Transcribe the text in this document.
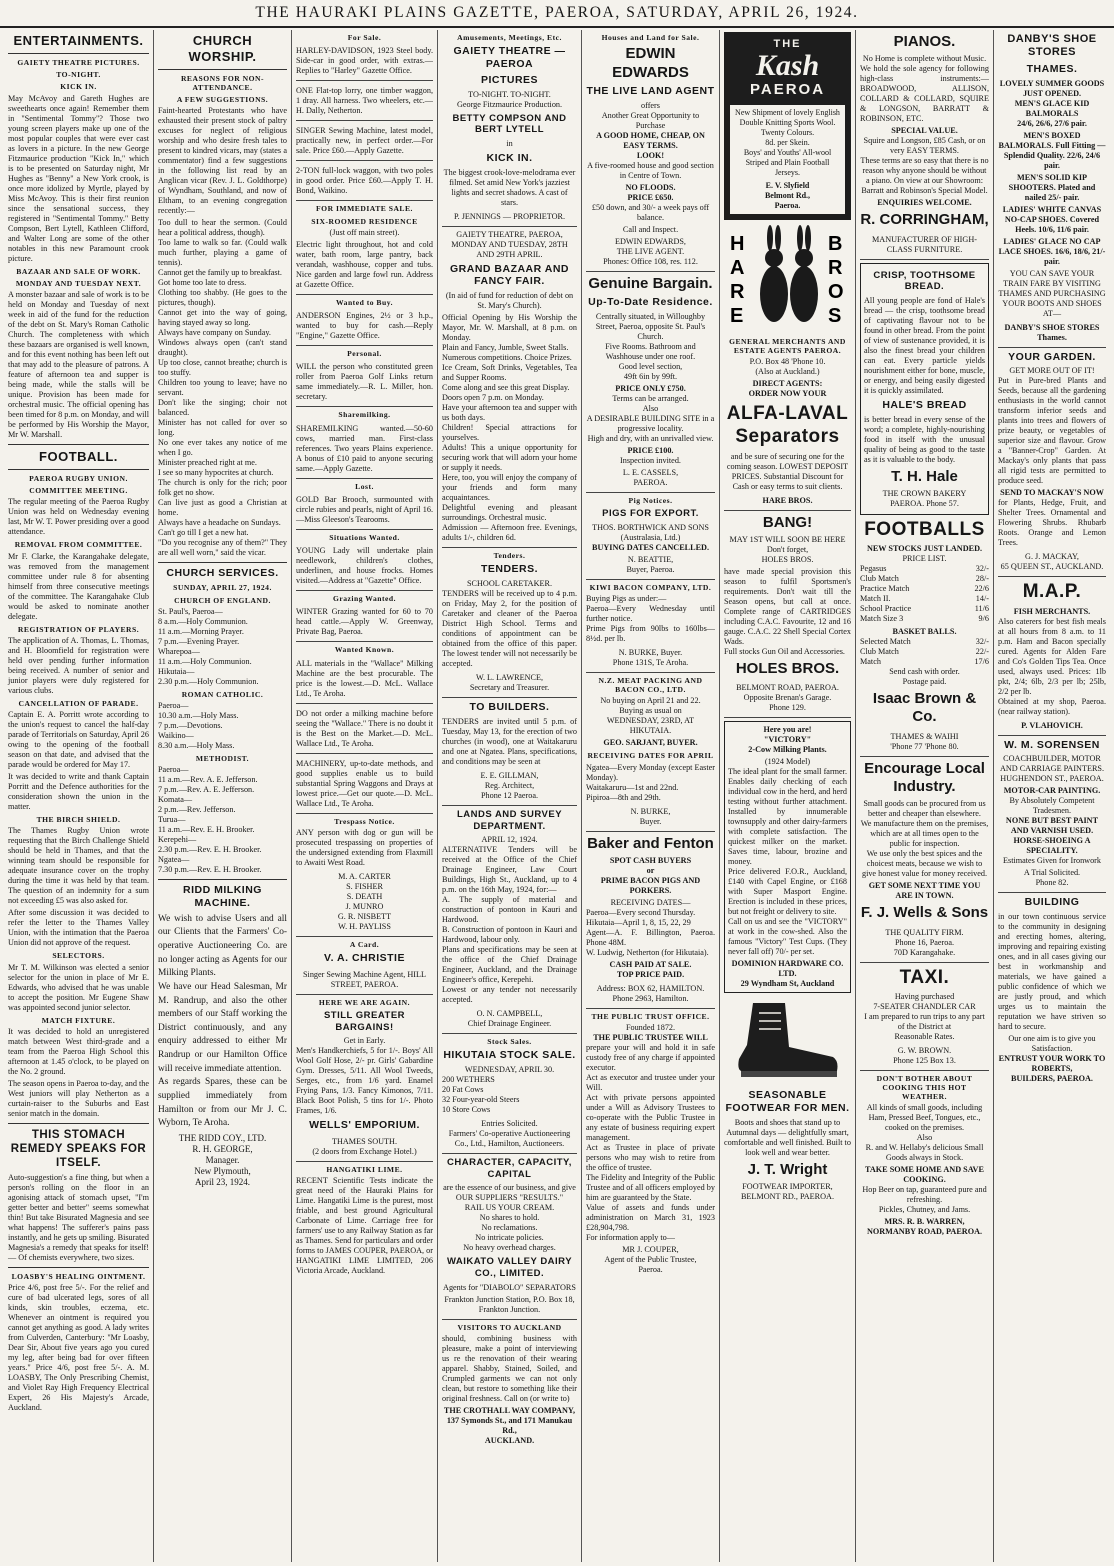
THE HAURAKI PLAINS GAZETTE, PAEROA, SATURDAY, APRIL 26, 1924.
ENTERTAINMENTS.
GAIETY THEATRE PICTURES.
TO-NIGHT.
KICK IN.

May McAvoy and Gareth Hughes are sweethearts once again! Remember them in "Sentimental Tommy"? Those two young screen players make up one of the most popular couples that were ever cast as lovers in a picture. In the new George Fitzmaurice production "Kick In," which is to be presented on Saturday night, Mr Hughes as "Benny" a New York crook, is once more idolized by Myrtle, played by Miss McAvoy. This is their first reunion since the sensational success, they registered in "Sentimental Tommy." Betty Compson, Bert Lytell, Kathleen Clifford, and Walter Long are some of the other notables in this new Paramount crook picture.

BAZAAR AND SALE OF WORK.
MONDAY AND TUESDAY NEXT.

A monster bazaar and sale of work is to be held on Monday and Tuesday of next week in aid of the fund for the reduction of the debt on St. Mary's Roman Catholic Church. The completeness with which these bazaars are organised is well known, and for this event nothing has been left out that may add to the pleasure of patrons. A feature of afternoon tea and supper is being made, while the stalls will be unique. Provision has been made for orchestral music. The official opening has been timed for 8 p.m. on Monday, and will be performed by His Worship the Mayor, Mr W. Marshall.

FOOTBALL.
PAEROA RUGBY UNION.
COMMITTEE MEETING.

The regular meeting of the Paeroa Rugby Union was held on Wednesday evening last, Mr W. T. Power presiding over a good attendance.

REMOVAL FROM COMMITTEE.

Mr F. Clarke, the Karangahake delegate, was removed from the management committee under rule 8 for absenting himself from three consecutive meetings of the committee. The Karangahake Club would be asked to nominate another delegate.

REGISTRATION OF PLAYERS.

The application of A. Thomas, L. Thomas, and H. Bloomfield for registration were held over pending further information being received. A number of senior and junior players were duly registered for various clubs.

CANCELLATION OF PARADE.

Captain E. A. Porritt wrote according to the union's request to cancel the half-day parade of Territorials on Saturday, April 26 owing to the opening of the football season on that date, and advised that the parade would be ordered for May 17.

It was decided to write and thank Captain Porritt and the Defence authorities for the consideration shown the union in the matter.

THE BIRCH SHIELD.

The Thames Rugby Union wrote requesting that the Birch Challenge Shield should be held in Thames, and that the winning team should be responsible for adequate insurance cover on the trophy during the time it was held by that team. The question of an indemnity for a sum not exceeding £5 was also asked for.

After some discussion it was decided to refer the letter to the Thames Valley Union, with the intimation that the Paeroa Union did not approve of the request.

SELECTORS.

Mr T. M. Wilkinson was elected a senior selector for the union in place of Mr E. Edwards, who advised that he was unable to accept the position. Mr Eugene Shaw was appointed second junior selector.

MATCH FIXTURE.

It was decided to hold an unregistered match between West third-grade and a team from the Paeroa High School this afternoon at 1.45 o'clock, to be played on the No. 2 ground.

The season opens in Paeroa to-day, and the West juniors will play Netherton as a curtain-raiser to the Suburbs and East senior match in the domain.

THIS STOMACH REMEDY SPEAKS FOR ITSELF.

Auto-suggestion's a fine thing, but when a person's rolling on the floor in an agonising attack of stomach upset, "I'm getter better and better" seems somewhat thin! But take Bisurated Magnesia and see what happens! The sufferer's pains pass instantly, and he gets up smiling. Bisurated Magnesia's a remedy that speaks for itself! — Of chemists everywhere, two sizes.

LOASBY'S HEALING OINTMENT.

Price 4/6, post free 5/-. For the relief and cure of bad ulcerated legs, sores of all kinds, skin troubles, eczema, etc. Whenever an ointment is required you cannot get anything as good. A lady writes from Culverden, Canterbury: "Mr Loasby, Dear Sir, About five years ago you cured my leg, after being bad for over fifteen years." Price 4/6, post free 5/-. A. M. LOASBY, The Only Prescribing Chemist, and Violet Ray High Frequency Electrical Expert, 26 His Majesty's Arcade, Auckland.

CHURCH WORSHIP.
REASONS FOR NON-ATTENDANCE.
A FEW SUGGESTIONS.

Faint-hearted Protestants who have exhausted their present stock of paltry excuses for neglect of religious worship and who desire fresh tales to present to kindred vicars, may (states a commentator) find a few suggestions in the following list read by an Anglican vicar (Rev. J. L. Goldthorpe) of Wyndham, Southland, and now of Eltham, to an evening congregation recently:—

Too dull to hear the sermon. (Could hear a political address, though).
Too lame to walk so far. (Could walk much further, playing a game of tennis).
Cannot get the family up to breakfast.
Got home too late to dress.
Clothing too shabby. (He goes to the pictures, though).
Cannot get into the way of going, having stayed away so long.
Always have company on Sunday.
Windows always open (can't stand draught).
Up too close, cannot breathe; church is too stuffy.
Children too young to leave; have no servant.
Don't like the singing; choir not balanced.
Minister has not called for over so long.
No one ever takes any notice of me when I go.
Minister preached right at me.
I see so many hypocrites at church.
The church is only for the rich; poor folk get no show.
Can live just as good a Christian at home.
Always have a headache on Sundays.
Can't go till I get a new hat.
"Do you recognise any of them?" They are all well worn," said the vicar.

CHURCH SERVICES.
SUNDAY, APRIL 27, 1924.
CHURCH OF ENGLAND.

St. Paul's, Paeroa—
8 a.m.—Holy Communion.
11 a.m.—Morning Prayer.
7 p.m.—Evening Prayer.
Wharepoa—
11 a.m.—Holy Communion.
Hikutaia—
2.30 p.m.—Holy Communion.

ROMAN CATHOLIC.

Paeroa—
10.30 a.m.—Holy Mass.
7 p.m.—Devotions.
Waikino—
8.30 a.m.—Holy Mass.

METHODIST.

Paeroa—
11 a.m.—Rev. A. E. Jefferson.
7 p.m.—Rev. A. E. Jefferson.
Komata—
2 p.m.—Rev. Jefferson.
Turua—
11 a.m.—Rev. E. H. Brooker.
Kerepehi—
2.30 p.m.—Rev. E. H. Brooker.
Ngatea—
7.30 p.m.—Rev. E. H. Brooker.

RIDD MILKING MACHINE.

We wish to advise Users and all our Clients that the Farmers' Co-operative Auctioneering Co. are no longer acting as Agents for our Milking Plants.
We have our Head Salesman, Mr M. Randrup, and also the other members of our Staff working the District continuously, and any enquiry addressed to either Mr Randrup or our Hamilton Office will receive immediate attention.
As regards Spares, these can be supplied immediately from Hamilton or from our Mr J. C. Wyborn, Te Aroha.

THE RIDD COY., LTD.
R. H. GEORGE,
Manager.
New Plymouth,
April 23, 1924.

For Sale.

HARLEY-DAVIDSON, 1923 Steel body. Side-car in good order, with extras.—Replies to "Harley" Gazette Office.

ONE Flat-top lorry, one timber waggon, 1 dray. All harness. Two wheelers, etc.—H. Dally, Netherton.

SINGER Sewing Machine, latest model, practically new, in perfect order.—For sale. Price £60.—Apply Gazette.

2-TON full-lock waggon, with two poles in good order. Price £60.—Apply T. H. Bond, Waikino.

FOR IMMEDIATE SALE.
SIX-ROOMED RESIDENCE
(Just off main street).

Electric light throughout, hot and cold water, bath room, large pantry, back verandah, washhouse, copper and tubs. Nice garden and large fowl run. Address at Gazette Office.

Wanted to Buy.

ANDERSON Engines, 2½ or 3 h.p., wanted to buy for cash.—Reply "Engine," Gazette Office.

Personal.

WILL the person who constituted green roller from Paeroa Golf Links return same immediately.—R. L. Miller, hon. secretary.

Sharemilking.

SHAREMILKING wanted.—50-60 cows, married man. First-class references. Two years Plains experience. A bonus of £10 paid to anyone securing same.—Apply Gazette.

Lost.

GOLD Bar Brooch, surmounted with circle rubies and pearls, night of April 16.—Miss Gleeson's Tearooms.

Situations Wanted.

YOUNG Lady will undertake plain needlework, children's clothes, underlinen, and house frocks. Homes visited.—Address at "Gazette" Office.

Grazing Wanted.

WINTER Grazing wanted for 60 to 70 head cattle.—Apply W. Greenway, Private Bag, Paeroa.

Wanted Known.

ALL materials in the "Wallace" Milking Machine are the best procurable. The price is the lowest.—D. McL. Wallace Ltd., Te Aroha.

DO not order a milking machine before seeing the "Wallace." There is no doubt it is the Best on the Market.—D. McL. Wallace Ltd., Te Aroha.

MACHINERY, up-to-date methods, and good supplies enable us to build substantial Spring Waggons and Drays at lowest price.—Get our quote.—D. McL. Wallace Ltd., Te Aroha.

Trespass Notice.

ANY person with dog or gun will be prosecuted trespassing on properties of the undersigned extending from Flaxmill to Awaiti West Road.

M. A. CARTER
S. FISHER
S. DEATH
J. MUNRO
G. R. NISBETT
W. H. PAYLISS

A Card.
V. A. CHRISTIE

Singer Sewing Machine Agent, HILL STREET, PAEROA.

HERE WE ARE AGAIN.
STILL GREATER BARGAINS!
Get in Early.

Men's Handkerchiefs, 5 for 1/-. Boys' All Wool Golf Hose, 2/- pr. Girls' Gabardine Gym. Dresses, 5/11. All Wool Tweeds, Serges, etc., from 1/6 yard. Enamel Frying Pans, 1/3. Fancy Kimonos, 7/11. Black Boot Polish, 5 tins for 1/-. Photo Frames, 1/6.

WELLS' EMPORIUM.

THAMES SOUTH.
(2 doors from Exchange Hotel.)

HANGATIKI LIME.

RECENT Scientific Tests indicate the great need of the Hauraki Plains for Lime. Hangatiki Lime is the purest, most friable, and best ground Agricultural Carbonate of Lime. Carriage free for farmers' use to any Railway Station as far as Thames. Send for particulars and order forms to JAMES COUPER, PAEROA, or HANGATIKI LIME LIMITED, 206 Victoria Arcade, Auckland.

Amusements, Meetings, Etc.
GAIETY THEATRE — PAEROA
PICTURES
TO-NIGHT. TO-NIGHT.
George Fitzmaurice Production.
BETTY COMPSON AND BERT LYTELL
in
KICK IN.

The biggest crook-love-melodrama ever filmed. Set amid New York's jazziest lights and secret shadows. A cast of stars.

P. JENNINGS — PROPRIETOR.
GAIETY THEATRE, PAEROA,
MONDAY AND TUESDAY, 28TH AND 29TH APRIL.
GRAND BAZAAR AND FANCY FAIR.
(In aid of fund for reduction of debt on St. Mary's Church).

Official Opening by His Worship the Mayor, Mr. W. Marshall, at 8 p.m. on Monday.
Plain and Fancy, Jumble, Sweet Stalls.
Numerous competitions. Choice Prizes.
Ice Cream, Soft Drinks, Vegetables, Tea and Supper Rooms.
Come along and see this great Display.
Doors open 7 p.m. on Monday.
Have your afternoon tea and supper with us both days.
Children! Special attractions for yourselves.
Adults! This a unique opportunity for securing work that will adorn your home or supply it needs.
Here, too, you will enjoy the company of your friends and form many acquaintances.
Delightful evening and pleasant surroundings. Orchestral music.
Admission — Afternoon free. Evenings, adults 1/-, children 6d.

Tenders.
TENDERS.
SCHOOL CARETAKER.

TENDERS will be received up to 4 p.m. on Friday, May 2, for the position of Caretaker and cleaner of the Paeroa District High School. Terms and conditions of appointment can be obtained from the office of this paper. The lowest tender will not necessarily be accepted.

W. L. LAWRENCE,
Secretary and Treasurer.

TO BUILDERS.

TENDERS are invited until 5 p.m. of Tuesday, May 13, for the erection of two churches (in wood), one at Waitakaruru and one at Ngatea. Plans, specifications, and conditions may be seen at

E. E. GILLMAN,
Reg. Architect,
Phone 12 Paeroa.

LANDS AND SURVEY DEPARTMENT.
APRIL 12, 1924.

ALTERNATIVE Tenders will be received at the Office of the Chief Drainage Engineer, Law Court Buildings, High St., Auckland, up to 4 p.m. on the 16th May, 1924, for:—
A. The supply of material and construction of pontoon in Kauri and Hardwood.
B. Construction of pontoon in Kauri and Hardwood, labour only.
Plans and specifications may be seen at the office of the Chief Drainage Engineer, Auckland, and the Drainage Engineer's office, Kerepehi.
Lowest or any tender not necessarily accepted.

O. N. CAMPBELL,
Chief Drainage Engineer.

Stock Sales.
HIKUTAIA STOCK SALE.
WEDNESDAY, APRIL 30.

200 WETHERS
20 Fat Cows
32 Four-year-old Steers
10 Store Cows

Entries Solicited.
Farmers' Co-operative Auctioneering Co., Ltd., Hamilton, Auctioneers.

CHARACTER, CAPACITY, CAPITAL

are the essence of our business, and give
OUR SUPPLIERS "RESULTS."
RAIL US YOUR CREAM.
No shares to hold.
No reclamations.
No intricate policies.
No heavy overhead charges.

WAIKATO VALLEY DAIRY CO., LIMITED.
Agents for "DIABOLO" SEPARATORS

Frankton Junction Station, P.O. Box 18, Frankton Junction.

VISITORS TO AUCKLAND

should, combining business with pleasure, make a point of interviewing us re the renovation of their wearing apparel. Shabby, Stained, Soiled, and Crumpled garments we can not only clean, but restore to something like their original freshness. Call on (or write to)

THE CROTHALL WAY COMPANY,
137 Symonds St., and 171 Manukau Rd.,
AUCKLAND.

Houses and Land for Sale.
EDWIN EDWARDS
THE LIVE LAND AGENT
offers
Another Great Opportunity to Purchase
A GOOD HOME, CHEAP, ON EASY TERMS.
LOOK!

A five-roomed house and good section in Centre of Town.

NO FLOODS.
PRICE £650.

£50 down, and 30/- a week pays off balance.

Call and Inspect.

EDWIN EDWARDS,
THE LIVE AGENT.
Phones: Office 108, res. 112.

Genuine Bargain.
Up-To-Date Residence.

Centrally situated, in Willoughby Street, Paeroa, opposite St. Paul's Church.
Five Rooms. Bathroom and Washhouse under one roof.
Good level section,
49ft 6in by 99ft.

PRICE ONLY £750.
Terms can be arranged.
Also

A DESIRABLE BUILDING SITE in a progressive locality.
High and dry, with an unrivalled view.

PRICE £100.
Inspection invited.

L. E. CASSELS,
PAEROA.

Pig Notices.
PIGS FOR EXPORT.
THOS. BORTHWICK AND SONS (Australasia, Ltd.)
BUYING DATES CANCELLED.

N. BEATTIE,
Buyer, Paeroa.

KIWI BACON COMPANY, LTD.

Buying Pigs as under:—
Paeroa—Every Wednesday until further notice.
Prime Pigs from 90lbs to 160lbs—8½d. per lb.

N. BURKE, Buyer.
Phone 131S, Te Aroha.

N.Z. MEAT PACKING AND BACON CO., LTD.

No buying on April 21 and 22.
Buying as usual on
WEDNESDAY, 23RD, AT HIKUTAIA.

GEO. SARJANT, BUYER.
RECEIVING DATES FOR APRIL

Ngatea—Every Monday (except Easter Monday).
Waitakaruru—1st and 22nd.
Pipiroa—8th and 29th.

N. BURKE,
Buyer.

Baker and Fenton

SPOT CASH BUYERS
or
PRIME BACON PIGS AND PORKERS.

RECEIVING DATES—

Paeroa—Every second Thursday.
Hikutaia—April 1, 8, 15, 22, 29
Agent—A. F. Billington, Paeroa. Phone 48M.
W. Ludwig, Netherton (for Hikutaia).

CASH PAID AT SALE.
TOP PRICE PAID.

Address: BOX 62, HAMILTON.
Phone 2963, Hamilton.

THE PUBLIC TRUST OFFICE.
Founded 1872.
THE PUBLIC TRUSTEE WILL

prepare your will and hold it in safe custody free of any charge if appointed executor.
Act as executor and trustee under your Will.
Act with private persons appointed under a Will as Advisory Trustees to co-operate with the Public Trustee in any estate of business requiring expert management.
Act as Trustee in place of private persons who may wish to retire from the office of trustee.
The Fidelity and Integrity of the Public Trustee and of all officers employed by him are guaranteed by the State.
Value of assets and funds under administration on March 31, 1923 £28,904,798.
For information apply to—

MR J. COUPER,
Agent of the Public Trustee,
Paeroa.

THE
Kash
PAEROA

New Shipment of lovely English Double Knitting Sports Wool.
Twenty Colours.
8d. per Skein.
Boys' and Youths' All-wool Striped and Plain Football Jerseys.

E. V. Slyfield
Belmont Rd.,
Paeroa.

H
A
R
E
B
R
O
S
GENERAL MERCHANTS AND ESTATE AGENTS PAEROA.

P.O. Box 48 'Phone 10.
(Also at Auckland.)

DIRECT AGENTS:
ORDER NOW YOUR

ALFA-LAVAL Separators

and be sure of securing one for the coming season. LOWEST DEPOSIT PRICES. Substantial Discount for Cash or easy terms to suit clients.

HARE BROS.
BANG!
MAY 1ST WILL SOON BE HERE

Don't forget,
HOLES BROS.

have made special provision this season to fulfil Sportsmen's requirements. Don't wait till the Season opens, but call at once. Complete range of CARTRIDGES including C.A.C. Favourite, 12 and 16 gauge. C.A.C. 22 Shell Special Cortex Wads.
Full stocks Gun Oil and Accessories.

HOLES BROS.

BELMONT ROAD, PAEROA.
Opposite Brenan's Garage.
Phone 129.

Here you are!
"VICTORY"
2-Cow Milking Plants.

(1924 Model)

The ideal plant for the small farmer. Enables daily checking of each individual cow in the herd, and herd testing without further attachment. Installed by innumerable townsupply and other dairy-farmers with complete satisfaction. The quickest milker on the market. Saves time, labour, brozine and money.
Price delivered F.O.R., Auckland, £140 with Capel Engine, or £168 with Super Masport Engine. Erection is included in these prices, but not freight or delivery to site.
Call on us and see the "VICTORY" at work in the cow-shed. Also the famous "Victory" Test Cups. (They never fall off) 70/- per set.

DOMINION HARDWARE CO. LTD.
29 Wyndham St, Auckland
SEASONABLE FOOTWEAR FOR MEN.

Boots and shoes that stand up to Autumnal days — delightfully smart, comfortable and well finished. Built to look well and wear better.

J. T. Wright
FOOTWEAR IMPORTER, BELMONT RD., PAEROA.
PIANOS.
No Home is complete without Music.

We hold the sole agency for following high-class instruments:—BROADWOOD, ALLISON, COLLARD & COLLARD, SQUIRE & LONGSON, BARRATT & ROBINSON, ETC.

SPECIAL VALUE.

Squire and Longson, £85 Cash, or on very EASY TERMS.
These terms are so easy that there is no reason why anyone should be without a piano. On view at our Showroom:
Barratt and Robinson's Special Model.

ENQUIRIES WELCOME.
R. CORRINGHAM,
MANUFACTURER OF HIGH-CLASS FURNITURE.
CRISP, TOOTHSOME BREAD.

All young people are fond of Hale's bread — the crisp, toothsome bread of captivating flavour not to be found in other bread. From the point of view of sustenance provided, it is also the finest bread your children can eat. Every particle yields nourishment either for bone, muscle, or energy, and being easily digested it is quickly assimilated.

HALE'S BREAD

is better bread in every sense of the word; a complete, highly-nourishing food in itself with the unusual quality of being as good to the taste as it is valuable to the body.

T. H. Hale

THE CROWN BAKERY
PAEROA. Phone 57.

FOOTBALLS
NEW STOCKS JUST LANDED.
PRICE LIST.
Pegasus	32/-
Club Match	28/-
Practice Match	22/6
Match II.	14/-
School Practice	11/6
Match Size 3	9/6
BASKET BALLS.
Selected Match	32/-
Club Match	22/-
Match	17/6

Send cash with order.
Postage paid.

Isaac Brown & Co.

THAMES & WAIHI
'Phone 77 'Phone 80.

Encourage Local Industry.

Small goods can be procured from us better and cheaper than elsewhere.
We manufacture them on the premises, which are at all times open to the public for inspection.
We use only the best spices and the choicest meats, because we wish to give honest value for money received.

GET SOME NEXT TIME YOU ARE IN TOWN.
F. J. Wells & Sons

THE QUALITY FIRM.
Phone 16, Paeroa.
70D Karangahake.

TAXI.

Having purchased
7-SEATER CHANDLER CAR
I am prepared to run trips to any part of the District at
Reasonable Rates.

G. W. BROWN.
Phone 125 Box 13.

DON'T BOTHER ABOUT COOKING THIS HOT WEATHER.

All kinds of small goods, including Ham, Pressed Beef, Tongues, etc., cooked on the premises.
Also
R. and W. Hellaby's delicious Small Goods always in Stock.

TAKE SOME HOME AND SAVE COOKING.

Hop Beer on tap, guaranteed pure and refreshing.
Pickles, Chutney, and Jams.

MRS. R. B. WARREN,
NORMANBY ROAD, PAEROA.

DANBY'S SHOE STORES
THAMES.
LOVELY SUMMER GOODS JUST OPENED.

MEN'S GLACE KID BALMORALS
24/6, 26/6, 27/6 pair.

MEN'S BOXED BALMORALS. Full Fitting — Splendid Quality. 22/6, 24/6 pair.

MEN'S SOLID KIP SHOOTERS. Plated and nailed 25/- pair.

LADIES' WHITE CANVAS NO-CAP SHOES. Covered Heels. 10/6, 11/6 pair.

LADIES' GLACE NO CAP LACE SHOES. 16/6, 18/6, 21/- pair.

YOU CAN SAVE YOUR TRAIN FARE BY VISITING THAMES AND PURCHASING YOUR BOOTS AND SHOES AT—

DANBY'S SHOE STORES
Thames.

YOUR GARDEN.
GET MORE OUT OF IT!

Put in Pure-bred Plants and Seeds, because all the gardening enthusiasts in the world cannot transform inferior seeds and plants into trees and flowers of prize beauty, or vegetables of superior size and flavour. Grow a "Banner-Crop" Garden. At Mackay's only plants that pass all rigid tests are permitted to produce seed.

SEND TO MACKAY'S NOW

for Plants, Hedge, Fruit, and Shelter Trees. Ornamental and Flowering Shrubs. Rhubarb Roots. Orange and Lemon Trees.

G. J. MACKAY,
65 QUEEN ST., AUCKLAND.

M.A.P.
FISH MERCHANTS.

Also caterers for best fish meals at all hours from 8 a.m. to 11 p.m. Ham and Bacon specially cured. Agents for Alden Fare and Co's Golden Tips Tea. Once used, always used. Prices: 1lb pkt, 2/4; 6lb, 2/3 per lb; 25lb, 2/2 per lb.
Obtained at my shop, Paeroa. (near railway station).

P. VLAHOVICH.
W. M. SORENSEN

COACHBUILDER, MOTOR AND CARRIAGE PAINTERS.
HUGHENDON ST., PAEROA.

MOTOR-CAR PAINTING.
By Absolutely Competent Tradesmen.
NONE BUT BEST PAINT AND VARNISH USED.
HORSE-SHOEING A SPECIALITY.
Estimates Given for Ironwork

A Trial Solicited.
Phone 82.

BUILDING

in our town continuous service to the community in designing and erecting homes, altering, improving and repairing existing ones, and in all cases giving our best in workmanship and materials, we have gained a public confidence of which we are justly proud, and which urges us to maintain the reputation we have striven so hard to secure.

Our one aim is to give you Satisfaction.

ENTRUST YOUR WORK TO
ROBERTS,
BUILDERS, PAEROA.
